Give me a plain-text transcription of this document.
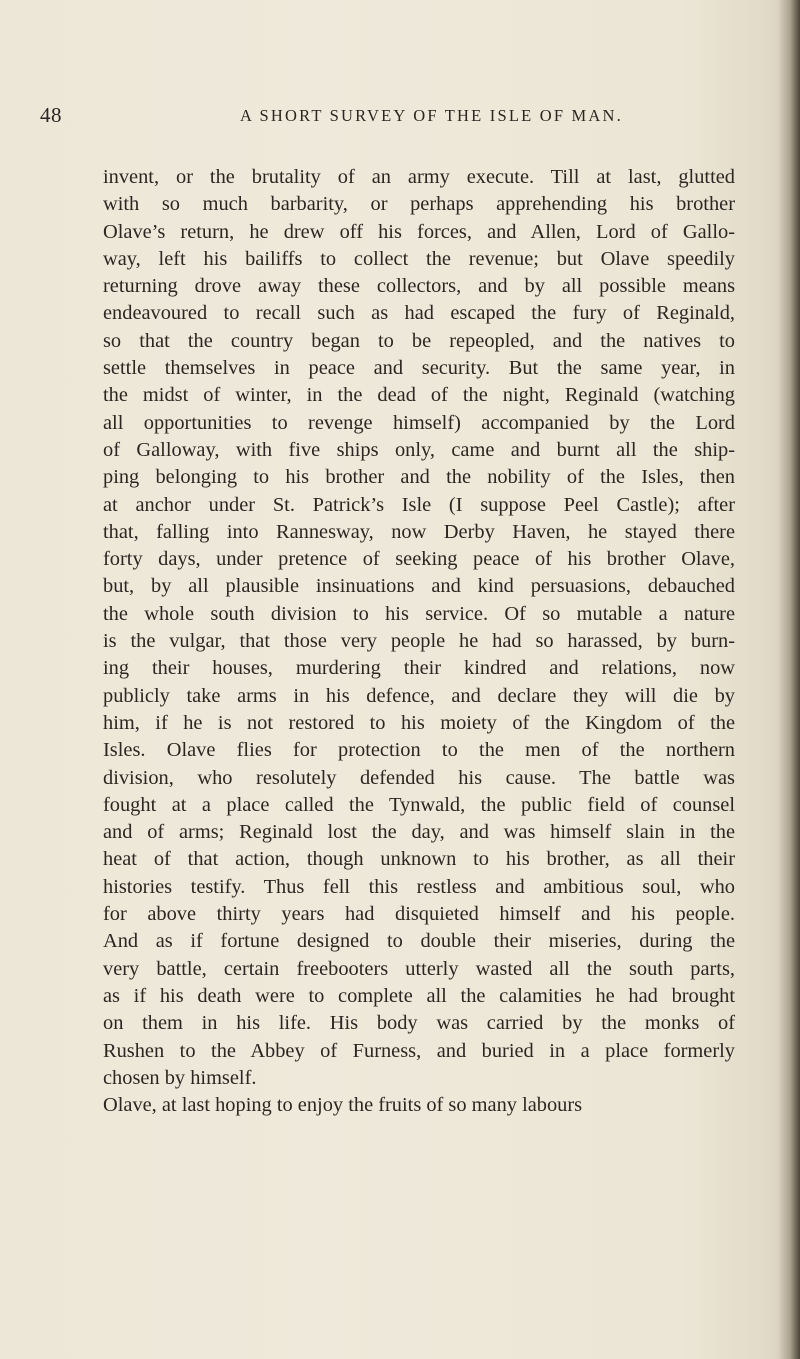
48	A SHORT SURVEY OF THE ISLE OF MAN.
invent, or the brutality of an army execute. Till at last, glutted
with so much barbarity, or perhaps apprehending his brother
Olave’s return, he drew off his forces, and Allen, Lord of Gallo-
way, left his bailiffs to collect the revenue; but Olave speedily
returning drove away these collectors, and by all possible means
endeavoured to recall such as had escaped the fury of Reginald,
so that the country began to be repeopled, and the natives to
settle themselves in peace and security. But the same year, in
the midst of winter, in the dead of the night, Reginald (watching
all opportunities to revenge himself) accompanied by the Lord
of Galloway, with five ships only, came and burnt all the ship-
ping belonging to his brother and the nobility of the Isles, then
at anchor under St. Patrick’s Isle (I suppose Peel Castle); after
that, falling into Rannesway, now Derby Haven, he stayed there
forty days, under pretence of seeking peace of his brother Olave,
but, by all plausible insinuations and kind persuasions, debauched
the whole south division to his service. Of so mutable a nature
is the vulgar, that those very people he had so harassed, by burn-
ing their houses, murdering their kindred and relations, now
publicly take arms in his defence, and declare they will die by
him, if he is not restored to his moiety of the Kingdom of the
Isles. Olave flies for protection to the men of the northern
division, who resolutely defended his cause. The battle was
fought at a place called the Tynwald, the public field of counsel
and of arms; Reginald lost the day, and was himself slain in the
heat of that action, though unknown to his brother, as all their
histories testify. Thus fell this restless and ambitious soul, who
for above thirty years had disquieted himself and his people.
And as if fortune designed to double their miseries, during the
very battle, certain freebooters utterly wasted all the south parts,
as if his death were to complete all the calamities he had brought
on them in his life. His body was carried by the monks of
Rushen to the Abbey of Furness, and buried in a place formerly
chosen by himself.
Olave, at last hoping to enjoy the fruits of so many labours
